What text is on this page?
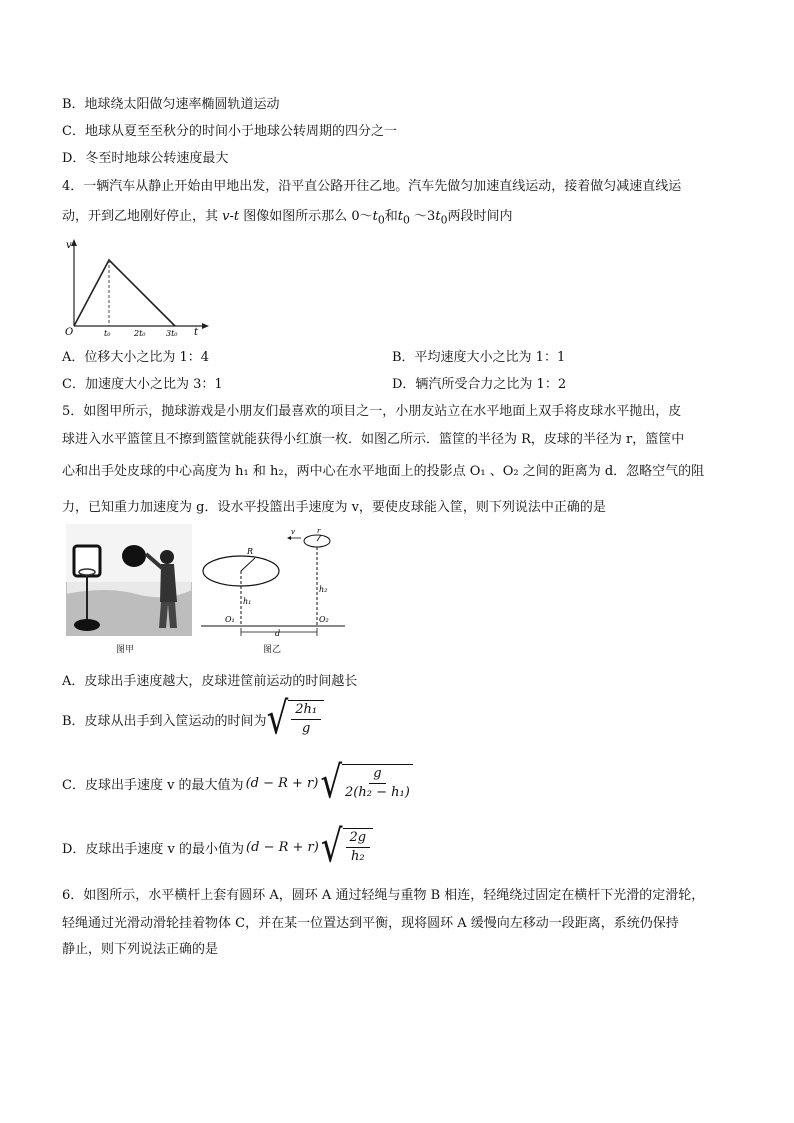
B．地球绕太阳做匀速率椭圆轨道运动
C．地球从夏至至秋分的时间小于地球公转周期的四分之一
D．冬至时地球公转速度最大
4．一辆汽车从静止开始由甲地出发，沿平直公路开往乙地。汽车先做匀加速直线运动，接着做匀减速直线运
动，开到乙地刚好停止，其 v-t 图像如图所示那么 $0\sim t_0$和$t_0$ $\sim 3t_0$两段时间内
v
O	t₀	2t₀	3t₀ t
A．位移大小之比为 1：4	B．平均速度大小之比为 1：1
C．加速度大小之比为 3：1	D．辆汽所受合力之比为 1：2
5．如图甲所示，抛球游戏是小朋友们最喜欢的项目之一，小朋友站立在水平地面上双手将皮球水平抛出，皮
球进入水平篮筐且不擦到篮筐就能获得小红旗一枚．如图乙所示．篮筐的半径为 R，皮球的半径为 r，篮筐中
心和出手处皮球的中心高度为 h₁ 和 h₂，两中心在水平地面上的投影点 O₁ 、O₂ 之间的距离为 d．忽略空气的阻
力，已知重力加速度为 g．设水平投篮出手速度为 v，要使皮球能入筐，则下列说法中正确的是
图甲
R
h₁
r
v
h₂
O₁	O₂
d
图乙
A．皮球出手速度越大，皮球进筐前运动的时间越长
B．皮球从出手到入筐运动的时间为 √ $\frac{\text{2h₁}}{g}$
C．皮球出手速度 v 的最大值为 (d − R + r) √ $\frac{g}{\text{2(h₂ − h₁)}}$
D．皮球出手速度 v 的最小值为 (d − R + r) √ $\frac{2g}{\text{h₂}}$
6．如图所示，水平横杆上套有圆环 A，圆环 A 通过轻绳与重物 B 相连，轻绳绕过固定在横杆下光滑的定滑轮，
轻绳通过光滑动滑轮挂着物体 C，并在某一位置达到平衡，现将圆环 A 缓慢向左移动一段距离，系统仍保持
静止，则下列说法正确的是
